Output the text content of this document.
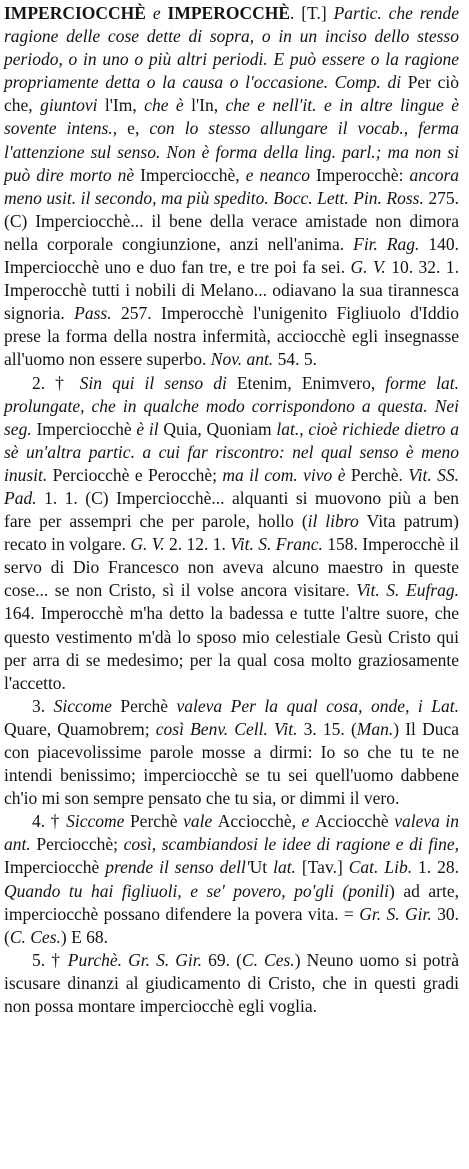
IMPERCIOCCHÈ e IMPEROCCHÈ. [T.] Partic. che rende ragione delle cose dette di sopra, o in un inciso dello stesso periodo, o in uno o più altri periodi. E può essere o la ragione propriamente detta o la causa o l'occasione. Comp. di Per ciò che, giuntovi l'Im, che è l'In, che e nell'it. e in altre lingue è sovente intens., e, con lo stesso allungare il vocab., ferma l'attenzione sul senso. Non è forma della ling. parl.; ma non si può dire morto nè Imperciocchè, e neanco Imperocchè: ancora meno usit. il secondo, ma più spedito. Bocc. Lett. Pin. Ross. 275. (C) Imperciocchè... il bene della verace amistade non dimora nella corporale congiunzione, anzi nell'anima. Fir. Rag. 140. Imperciocchè uno e duo fan tre, e tre poi fa sei. G. V. 10. 32. 1. Imperocchè tutti i nobili di Melano... odiavano la sua tirannesca signoria. Pass. 257. Imperocchè l'unigenito Figliuolo d'Iddio prese la forma della nostra infermità, acciocchè egli insegnasse all'uomo non essere superbo. Nov. ant. 54. 5.

2. † Sin qui il senso di Etenim, Enimvero, forme lat. prolungate, che in qualche modo corrispondono a questa. Nei seg. Imperciocchè è il Quia, Quoniam lat., cioè richiede dietro a sè un'altra partic. a cui far riscontro: nel qual senso è meno inusit. Perciocchè e Perocchè; ma il com. vivo è Perchè. Vit. SS. Pad. 1. 1. (C) Imperciocchè... alquanti si muovono più a ben fare per assempri che per parole, hollo (il libro Vita patrum) recato in volgare. G. V. 2. 12. 1. Vit. S. Franc. 158. Imperocchè il servo di Dio Francesco non aveva alcuno maestro in queste cose... se non Cristo, sì il volse ancora visitare. Vit. S. Eufrag. 164. Imperocchè m'ha detto la badessa e tutte l'altre suore, che questo vestimento m'dà lo sposo mio celestiale Gesù Cristo qui per arra di se medesimo; per la qual cosa molto graziosamente l'accetto.

3. Siccome Perchè valeva Per la qual cosa, onde, i Lat. Quare, Quamobrem; così Benv. Cell. Vit. 3. 15. (Man.) Il Duca con piacevolissime parole mosse a dirmi: Io so che tu te ne intendi benissimo; imperciocchè se tu sei quell'uomo dabbene ch'io mi son sempre pensato che tu sia, or dimmi il vero.

4. † Siccome Perchè vale Acciocchè, e Acciocchè valeva in ant. Perciocchè; così, scambiandosi le idee di ragione e di fine, Imperciocchè prende il senso dell'Ut lat. [Tav.] Cat. Lib. 1. 28. Quando tu hai figliuoli, e se' povero, po'gli (ponili) ad arte, imperciocchè possano difendere la povera vita. = Gr. S. Gir. 30. (C. Ces.) E 68.

5. † Purchè. Gr. S. Gir. 69. (C. Ces.) Neuno uomo si potrà iscusare dinanzi al giudicamento di Cristo, che in questi gradi non possa montare imperciocchè egli voglia.
